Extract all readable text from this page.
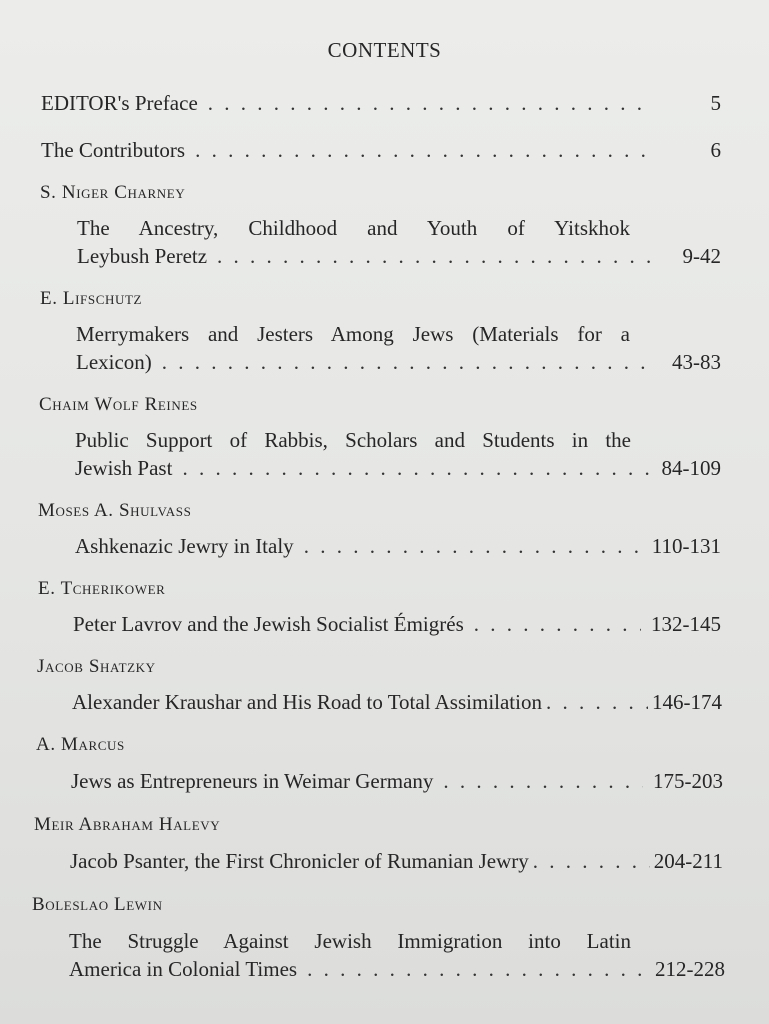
CONTENTS
EDITOR's Preface . . .	5
The Contributors . . .	6
S. Niger Charney
The Ancestry, Childhood and Youth of Yitskhok
Leybush Peretz . . .	9-42
E. Lifschutz
Merrymakers and Jesters Among Jews (Materials for a
Lexicon) . . .	43-83
Chaim Wolf Reines
Public Support of Rabbis, Scholars and Students in the
Jewish Past . . .	84-109
Moses A. Shulvass
Ashkenazic Jewry in Italy . . .	110-131
E. Tcherikower
Peter Lavrov and the Jewish Socialist Émigrés . . .	132-145
Jacob Shatzky
Alexander Kraushar and His Road to Total Assimilation . . .	146-174
A. Marcus
Jews as Entrepreneurs in Weimar Germany . . .	175-203
Meir Abraham Halevy
Jacob Psanter, the First Chronicler of Rumanian Jewry . . .	204-211
Boleslao Lewin
The Struggle Against Jewish Immigration into Latin
America in Colonial Times . . .	212-228
